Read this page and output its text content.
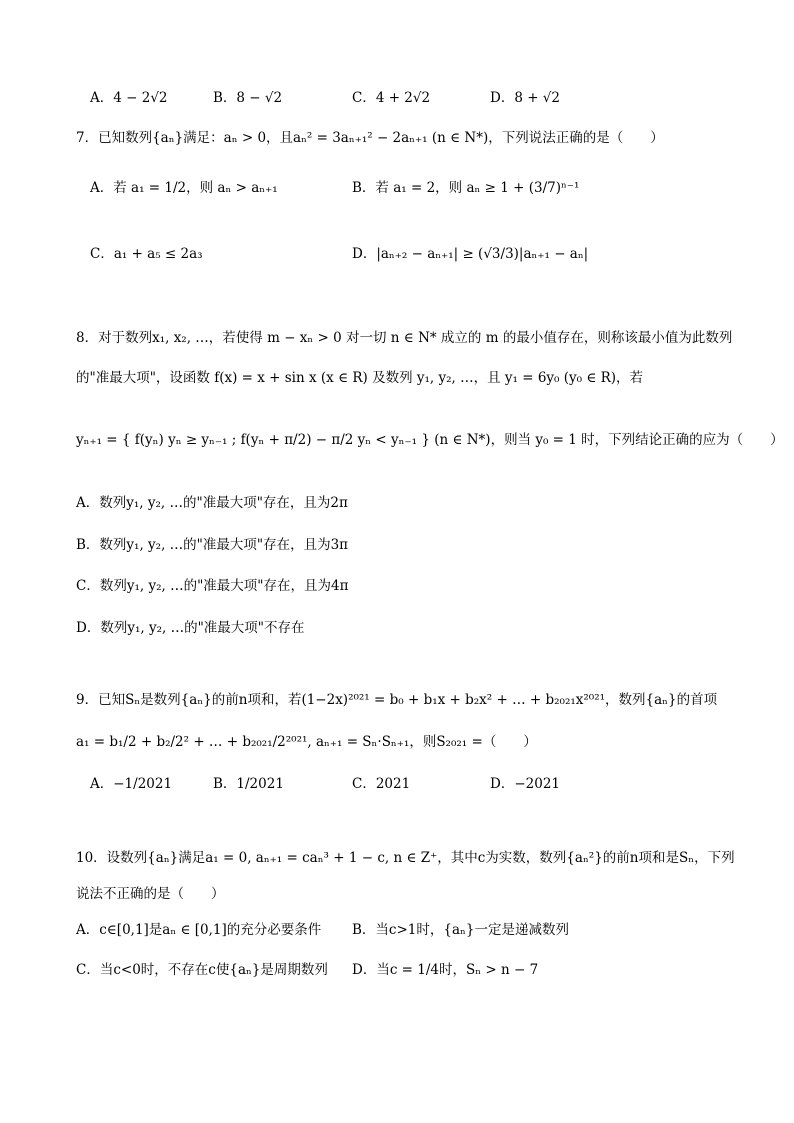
A．4 − 2√2	B．8 − √2	C．4 + 2√2	D．8 + √2
7．已知数列{aₙ}满足：aₙ > 0，且aₙ² = 3aₙ₊₁² − 2aₙ₊₁ (n ∈ N*)，下列说法正确的是（　　）
A．若 a₁ = 1/2，则 aₙ > aₙ₊₁	B．若 a₁ = 2，则 aₙ ≥ 1 + (3/7)ⁿ⁻¹
C．a₁ + a₅ ≤ 2a₃	D．|aₙ₊₂ − aₙ₊₁| ≥ (√3/3)|aₙ₊₁ − aₙ|
8．对于数列x₁, x₂, …，若使得 m − xₙ > 0 对一切 n ∈ N* 成立的 m 的最小值存在，则称该最小值为此数列
的"准最大项"，设函数 f(x) = x + sin x (x ∈ R) 及数列 y₁, y₂, …，且 y₁ = 6y₀ (y₀ ∈ R)，若
yₙ₊₁ = { f(yₙ) yₙ ≥ yₙ₋₁ ; f(yₙ + π/2) − π/2 yₙ < yₙ₋₁ } (n ∈ N*)，则当 y₀ = 1 时，下列结论正确的应为（　　）
A．数列y₁, y₂, …的"准最大项"存在，且为2π
B．数列y₁, y₂, …的"准最大项"存在，且为3π
C．数列y₁, y₂, …的"准最大项"存在，且为4π
D．数列y₁, y₂, …的"准最大项"不存在
9．已知Sₙ是数列{aₙ}的前n项和，若(1−2x)²⁰²¹ = b₀ + b₁x + b₂x² + … + b₂₀₂₁x²⁰²¹，数列{aₙ}的首项
a₁ = b₁/2 + b₂/2² + … + b₂₀₂₁/2²⁰²¹, aₙ₊₁ = Sₙ·Sₙ₊₁，则S₂₀₂₁ =（　　）
A．−1/2021	B．1/2021	C．2021	D．−2021
10．设数列{aₙ}满足a₁ = 0, aₙ₊₁ = caₙ³ + 1 − c, n ∈ Z⁺，其中c为实数，数列{aₙ²}的前n项和是Sₙ，下列
说法不正确的是（　　）
A．c∈[0,1]是aₙ ∈ [0,1]的充分必要条件 B．当c>1时，{aₙ}一定是递减数列
C．当c<0时，不存在c使{aₙ}是周期数列 D．当c = 1/4时，Sₙ > n − 7
